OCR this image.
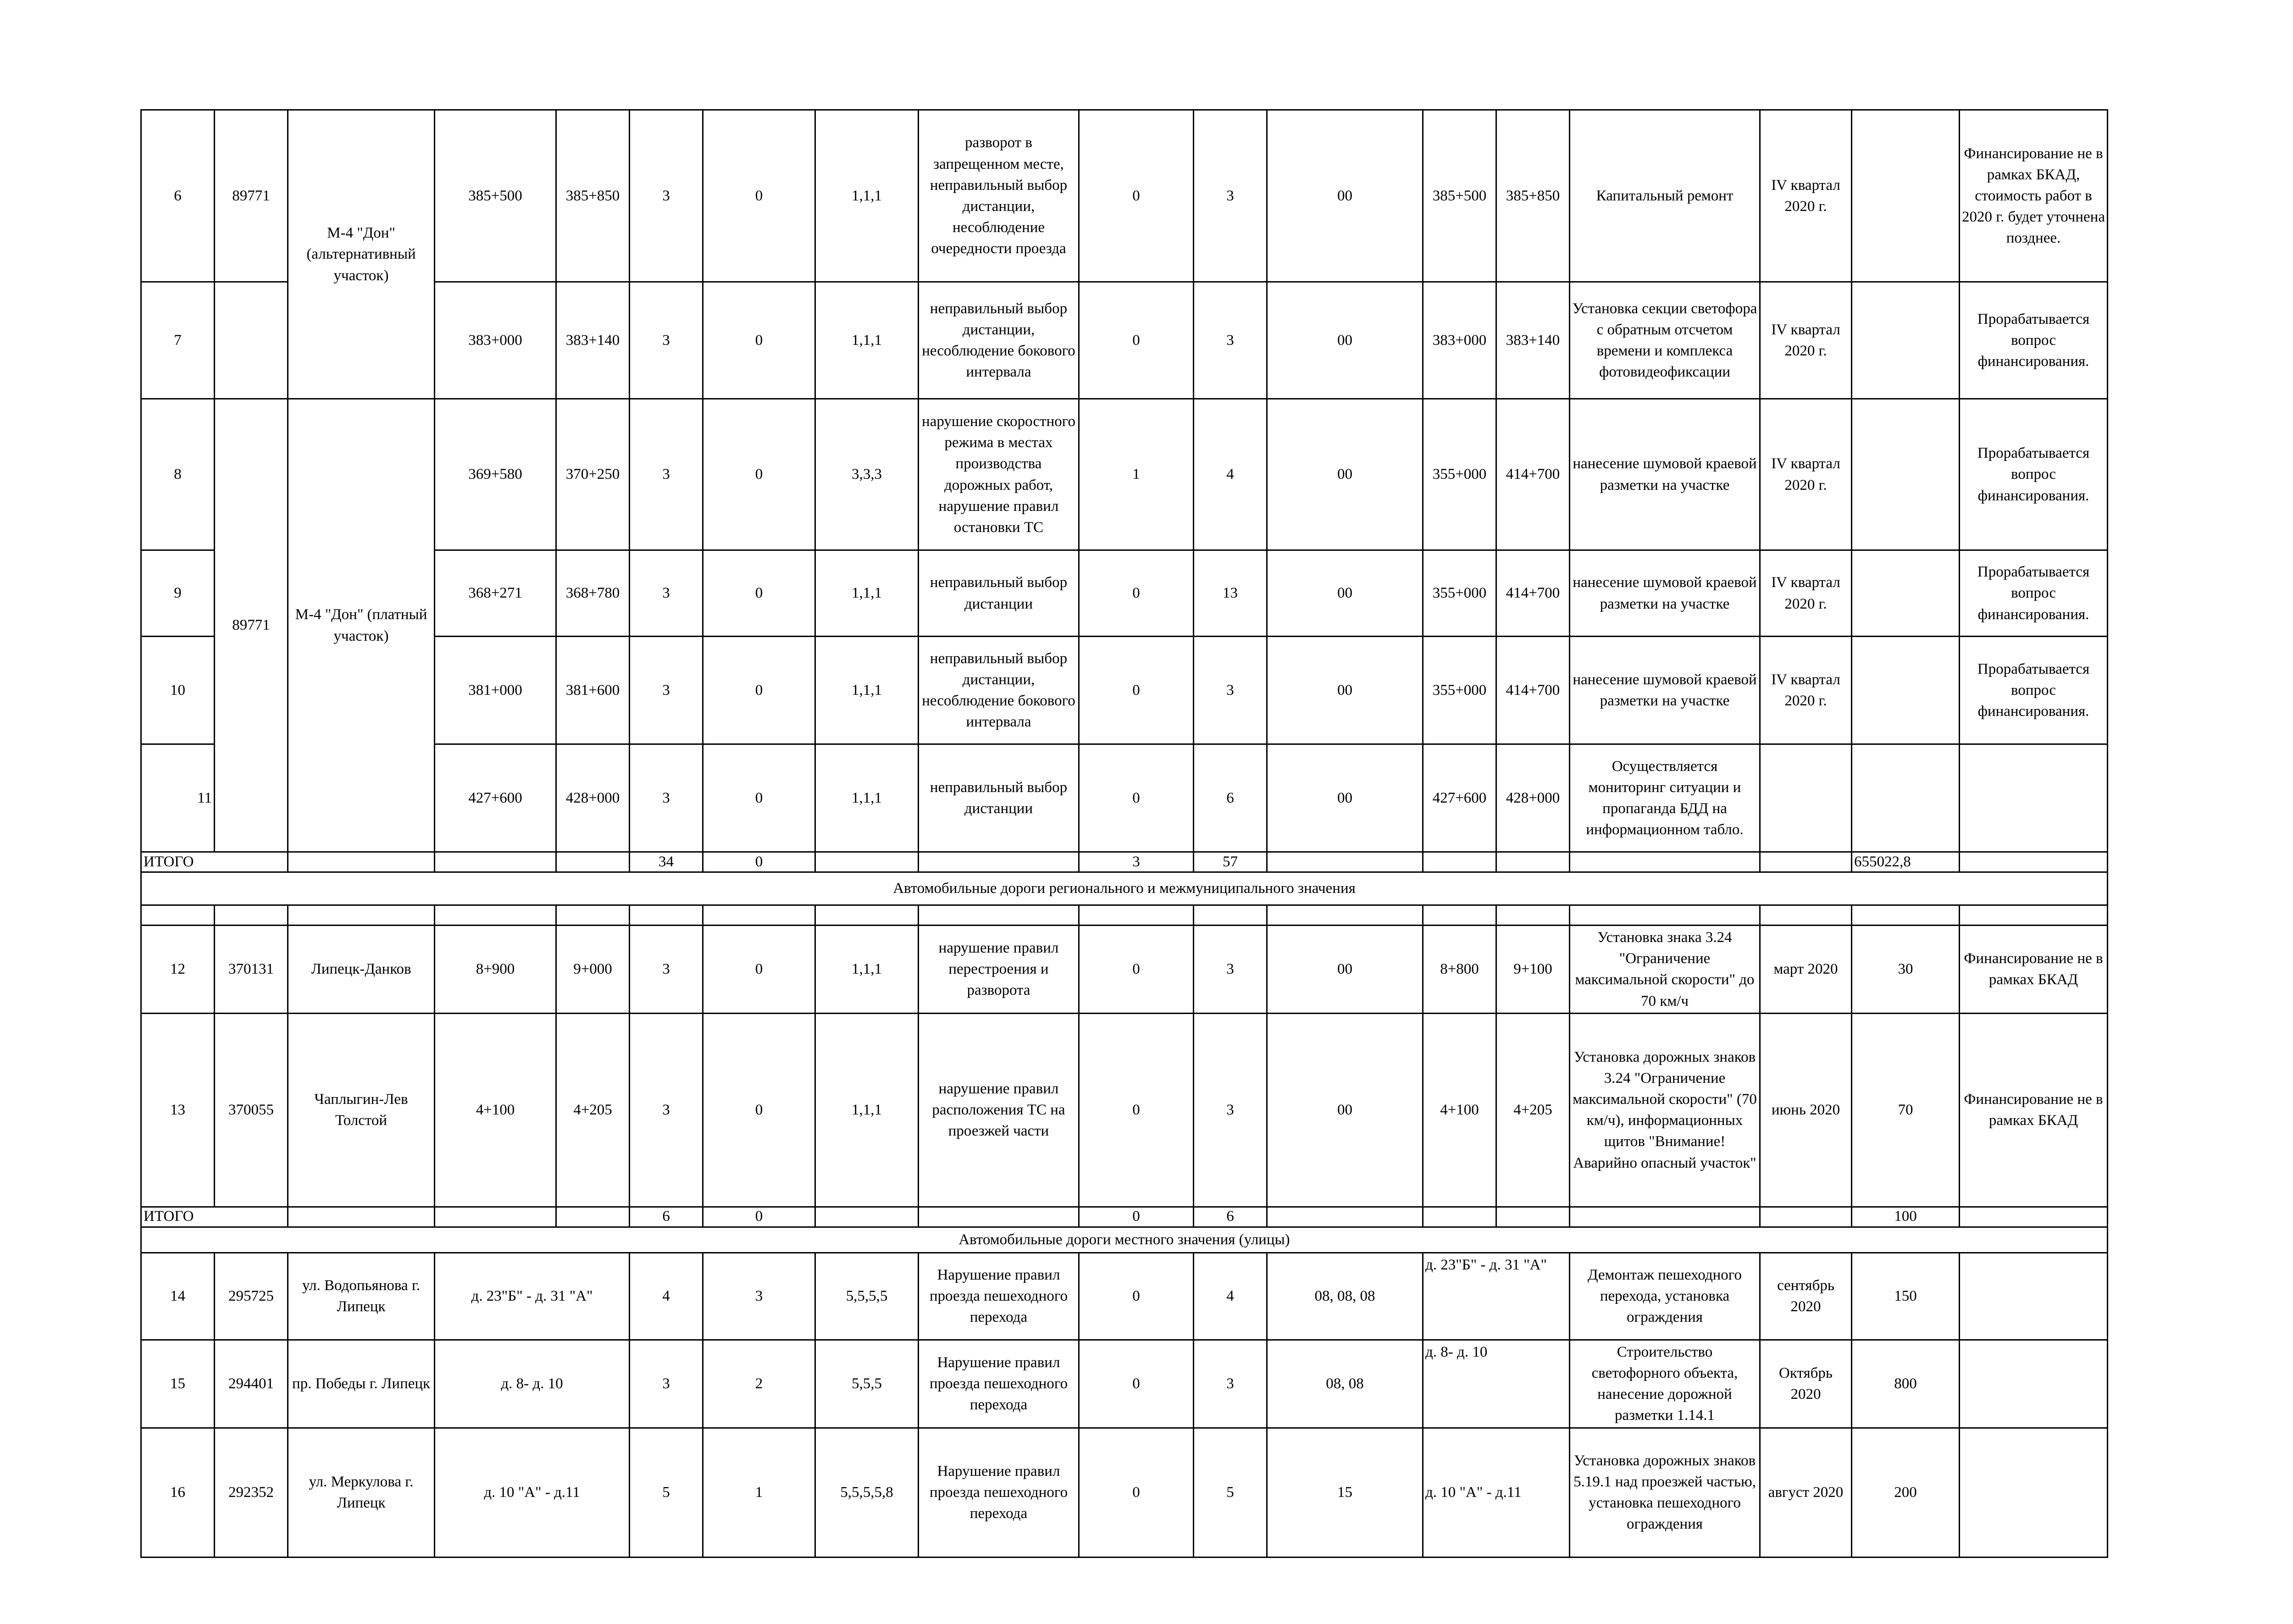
6	89771	М-4 "Дон" (альтернативный участок)	385+500	385+850	3	0	1,1,1	разворот в запрещенном месте, неправильный выбор дистанции, несоблюдение очередности проезда	0	3	00	385+500	385+850	Капитальный ремонт	IV квартал 2020 г.		Финансирование не в рамках БКАД, стоимость работ в 2020 г. будет уточнена позднее.
7			383+000	383+140	3	0	1,1,1	неправильный выбор дистанции, несоблюдение бокового интервала	0	3	00	383+000	383+140	Установка секции светофора с обратным отсчетом времени и комплекса фотовидеофиксации	IV квартал 2020 г.		Прорабатывается вопрос финансирования.
8	89771	М-4 "Дон" (платный участок)	369+580	370+250	3	0	3,3,3	нарушение скоростного режима в местах производства дорожных работ, нарушение правил остановки ТС	1	4	00	355+000	414+700	нанесение шумовой краевой разметки на участке	IV квартал 2020 г.		Прорабатывается вопрос финансирования.
9			368+271	368+780	3	0	1,1,1	неправильный выбор дистанции	0	13	00	355+000	414+700	нанесение шумовой краевой разметки на участке	IV квартал 2020 г.		Прорабатывается вопрос финансирования.
10			381+000	381+600	3	0	1,1,1	неправильный выбор дистанции, несоблюдение бокового интервала	0	3	00	355+000	414+700	нанесение шумовой краевой разметки на участке	IV квартал 2020 г.		Прорабатывается вопрос финансирования.
11			427+600	428+000	3	0	1,1,1	неправильный выбор дистанции	0	6	00	427+600	428+000	Осуществляется мониторинг ситуации и пропаганда БДД на информационном табло.			
ИТОГО					34	0			3	57						655022,8	
Автомобильные дороги регионального и межмуниципального значения																	

12	370131	Липецк-Данков	8+900	9+000	3	0	1,1,1	нарушение правил перестроения и разворота	0	3	00	8+800	9+100	Установка знака 3.24 "Ограничение максимальной скорости" до 70 км/ч	март 2020	30	Финансирование не в рамках БКАД
13	370055	Чаплыгин-Лев Толстой	4+100	4+205	3	0	1,1,1	нарушение правил расположения ТС на проезжей части	0	3	00	4+100	4+205	Установка дорожных знаков 3.24 "Ограничение максимальной скорости" (70 км/ч), информационных щитов "Внимание! Аварийно опасный участок"	июнь 2020	70	Финансирование не в рамках БКАД
ИТОГО					6	0			0	6						100	
Автомобильные дороги местного значения (улицы)																	
14	295725	ул. Водопьянова г. Липецк	д. 23"Б" - д. 31 "А"		4	3	5,5,5,5	Нарушение правил проезда пешеходного перехода	0	4	08, 08, 08	д. 23"Б" - д. 31 "А"		Демонтаж пешеходного перехода, установка ограждения	сентябрь 2020	150	
15	294401	пр. Победы г. Липецк	д. 8- д. 10		3	2	5,5,5	Нарушение правил проезда пешеходного перехода	0	3	08, 08	д. 8- д. 10		Строительство светофорного объекта, нанесение дорожной разметки 1.14.1	Октябрь 2020	800	
16	292352	ул. Меркулова г. Липецк	д. 10 "А" - д.11		5	1	5,5,5,5,8	Нарушение правил проезда пешеходного перехода	0	5	15	д. 10 "А" - д.11		Установка дорожных знаков 5.19.1 над проезжей частью, установка пешеходного ограждения	август 2020	200	
